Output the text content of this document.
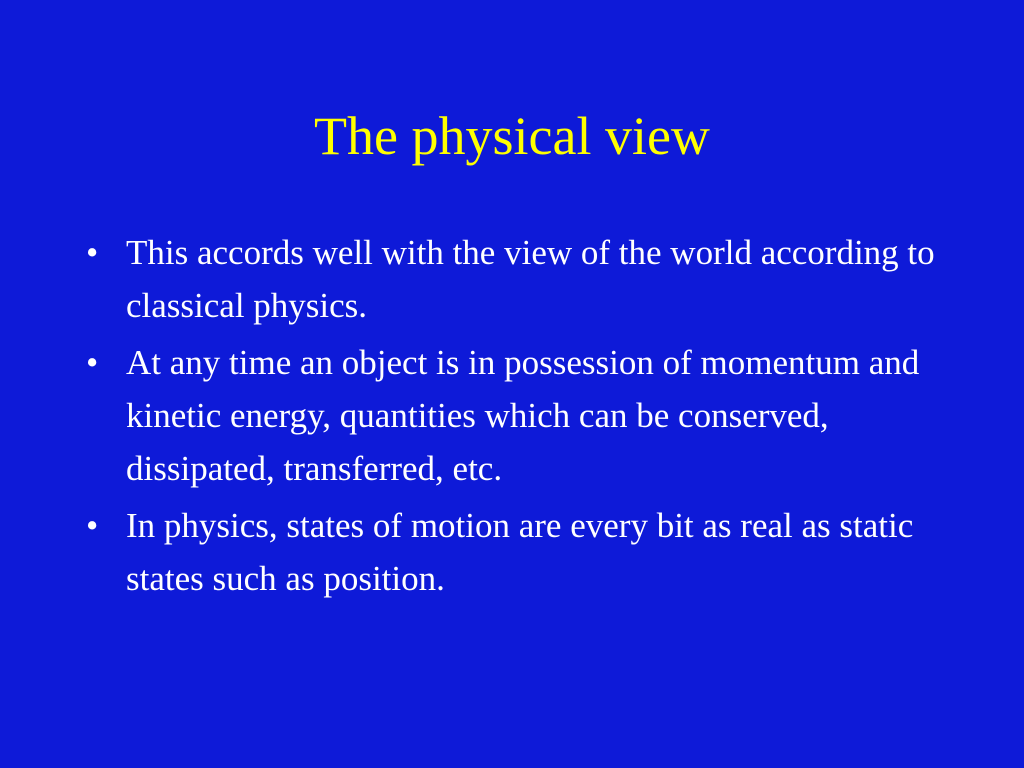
The physical view
• This accords well with the view of the world according to classical physics.
• At any time an object is in possession of momentum and kinetic energy, quantities which can be conserved, dissipated, transferred, etc.
• In physics, states of motion are every bit as real as static states such as position.
